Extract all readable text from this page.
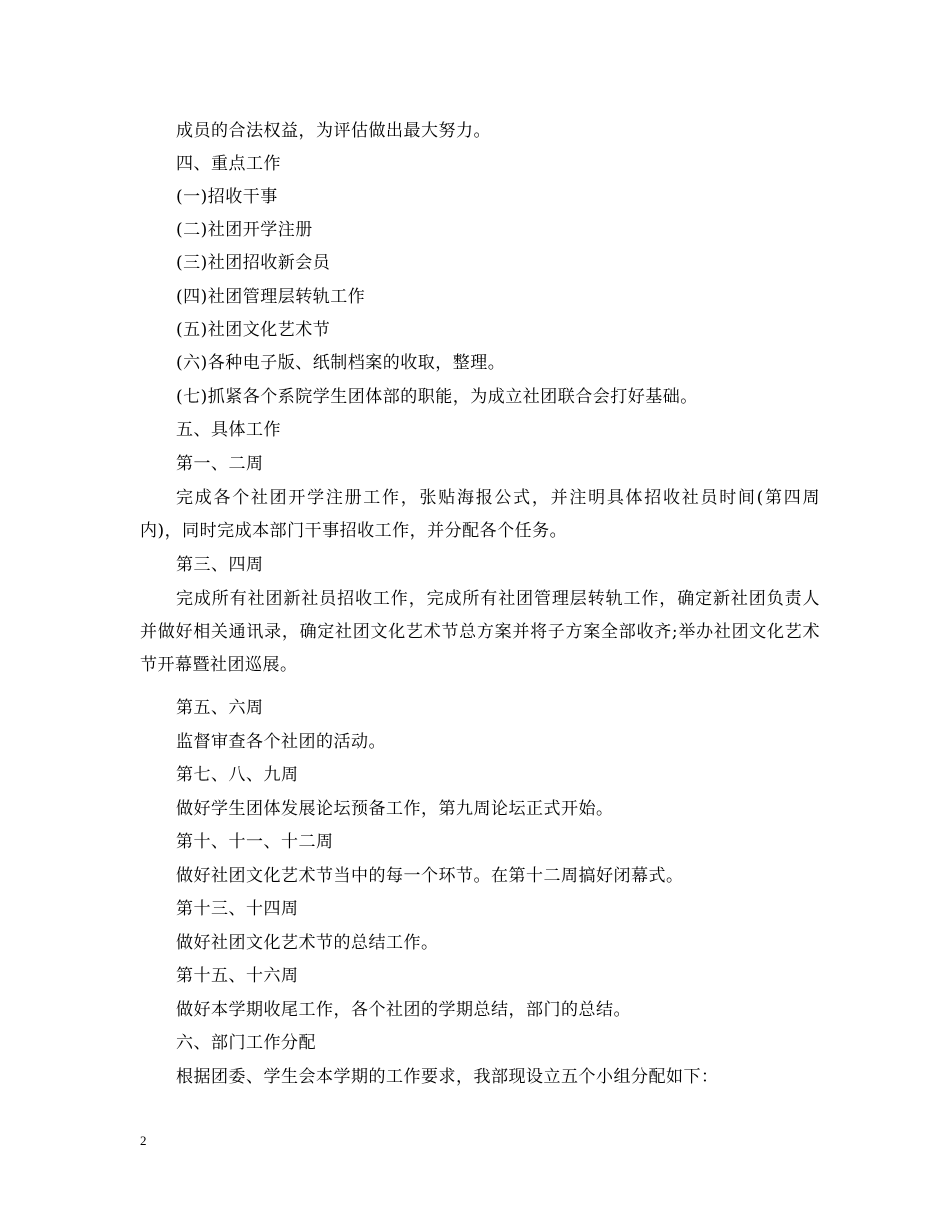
成员的合法权益，为评估做出最大努力。
四、重点工作
(一)招收干事
(二)社团开学注册
(三)社团招收新会员
(四)社团管理层转轨工作
(五)社团文化艺术节
(六)各种电子版、纸制档案的收取，整理。
(七)抓紧各个系院学生团体部的职能，为成立社团联合会打好基础。
五、具体工作
第一、二周
完成各个社团开学注册工作，张贴海报公式，并注明具体招收社员时间(第四周内)，同时完成本部门干事招收工作，并分配各个任务。
第三、四周
完成所有社团新社员招收工作，完成所有社团管理层转轨工作，确定新社团负责人并做好相关通讯录，确定社团文化艺术节总方案并将子方案全部收齐;举办社团文化艺术节开幕暨社团巡展。
第五、六周
监督审查各个社团的活动。
第七、八、九周
做好学生团体发展论坛预备工作，第九周论坛正式开始。
第十、十一、十二周
做好社团文化艺术节当中的每一个环节。在第十二周搞好闭幕式。
第十三、十四周
做好社团文化艺术节的总结工作。
第十五、十六周
做好本学期收尾工作，各个社团的学期总结，部门的总结。
六、部门工作分配
根据团委、学生会本学期的工作要求，我部现设立五个小组分配如下：
2
